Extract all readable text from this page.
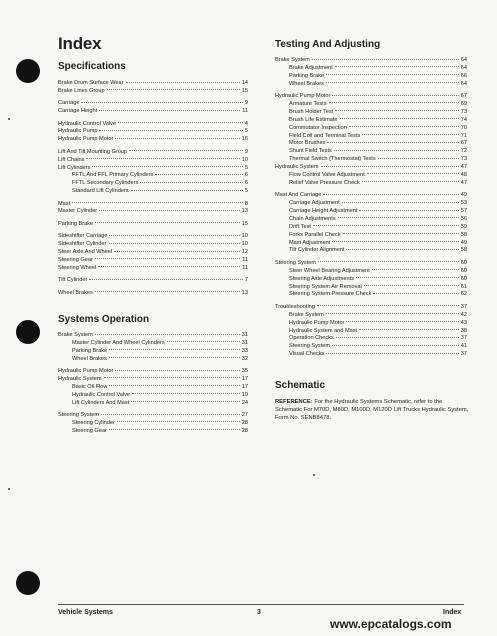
Index
Specifications
Brake Drum Surface Wear	14
Brake Lines Group	15
Carriage	9
Carriage Height	11
Hydraulic Control Valve	4
Hydraulic Pump	5
Hydraulic Pump Motor	16
Lift And Tilt Mounting Group	9
Lift Chains	10
Lift Cylinders	5
FFTL And FFL Primary Cylinders	6
FFTL Secondary Cylinders	6
Standard Lift Cylinders	5
Mast	8
Master Cylinder	13
Parking Brake	15
Sideshifter Carriage	10
Sideshifter Cylinder	10
Steer Axle And Wheel	12
Steering Gear	11
Steering Wheel	11
Tilt Cylinder	7
Wheel Brakes	13
Systems Operation
Brake System	31
Master Cylinder And Wheel Cylinders	31
Parking Brake	33
Wheel Brakes	32
Hydraulic Pump Motor	35
Hydraulic System	17
Basic Oil Flow	17
Hydraulic Control Valve	19
Lift Cylinders And Mast	24
Steering System	27
Steering Cylinder	28
Steering Gear	28
Testing And Adjusting
Brake System	64
Brake Adjustment	64
Parking Brake	66
Wheel Brakes	64
Hydraulic Pump Motor	67
Armature Tests	69
Brush Holder Test	73
Brush Life Estimate	74
Commutator Inspection	70
Field Coil and Terminal Tests	71
Motor Brushes	67
Shunt Field Tests	72
Thermal Switch (Thermostat) Tests	73
Hydraulic System	47
Flow Control Valve Adjustment	48
Relief Valve Pressure Check	47
Mast And Carriage	49
Carriage Adjustment	53
Carriage Height Adjustment	57
Chain Adjustments	56
Drift Test	59
Forks Parallel Check	58
Mast Adjustment	49
Tilt Cylinder Alignment	58
Steering System	60
Steer Wheel Bearing Adjustment	60
Steering Axle Adjustments	60
Steering System Air Removal	61
Steering System Pressure Check	62
Troubleshooting	37
Brake System	42
Hydraulic Pump Motor	43
Hydraulic System and Mast	38
Operation Checks	37
Steering System	41
Visual Checks	37
Schematic
REFERENCE: For the Hydraulic Systems Schematic, refer to the Schematic For M70D, M80D, M100D, M120D Lift Trucks Hydraulic System, Form No. SENB8478.
Vehicle Systems	3	Index
www.epcatalogs.com
